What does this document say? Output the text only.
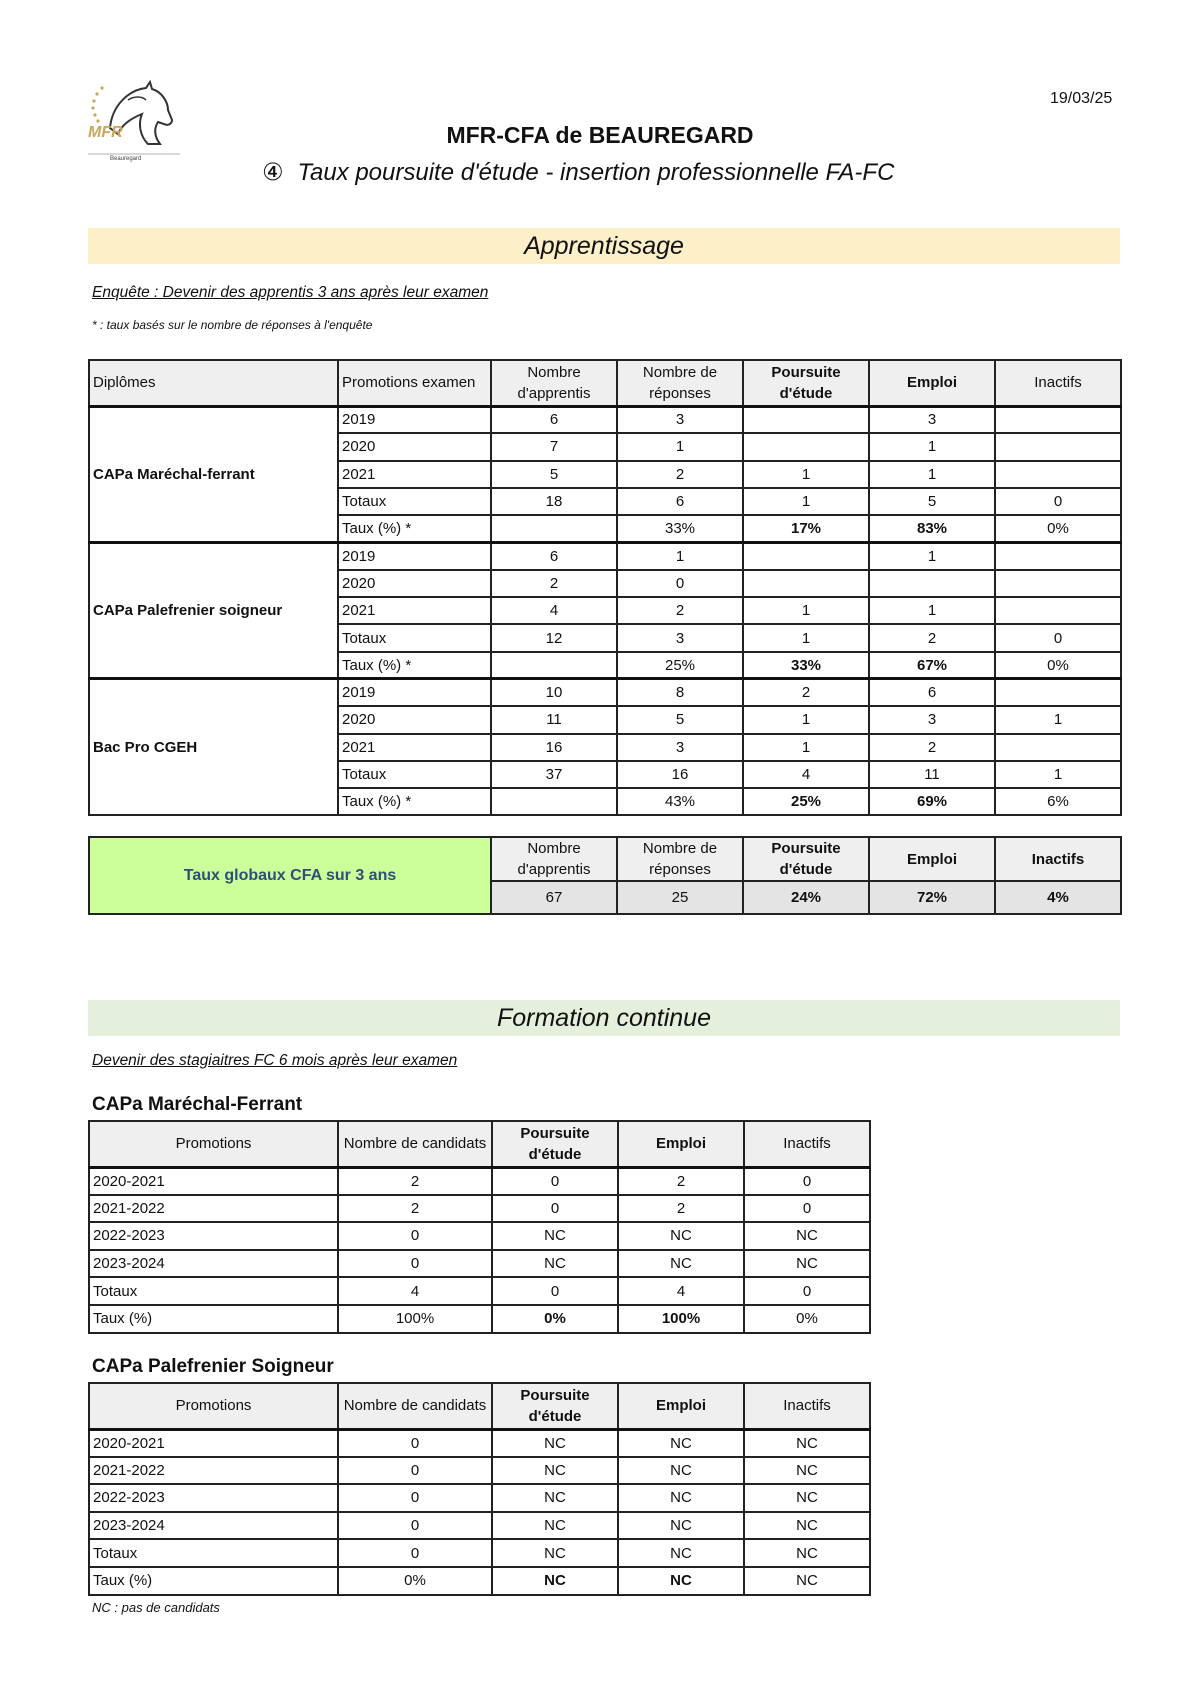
MFR
Beauregard
19/03/25
MFR-CFA de BEAUREGARD
④ Taux poursuite d'étude - insertion professionnelle FA-FC
Apprentissage
Enquête : Devenir des apprentis 3 ans après leur examen
* : taux basés sur le nombre de réponses à l'enquête
Diplômes	Promotions examen	Nombre d'apprentis	Nombre de réponses	Poursuite d'étude	Emploi	Inactifs
CAPa Maréchal-ferrant	2019	6	3		3	
	2020	7	1		1	
	2021	5	2	1	1	
	Totaux	18	6	1	5	0
	Taux (%) *		33%	17%	83%	0%
CAPa Palefrenier soigneur	2019	6	1		1	
	2020	2	0			
	2021	4	2	1	1	
	Totaux	12	3	1	2	0
	Taux (%) *		25%	33%	67%	0%
Bac Pro CGEH	2019	10	8	2	6	
	2020	11	5	1	3	1
	2021	16	3	1	2	
	Totaux	37	16	4	11	1
	Taux (%) *		43%	25%	69%	6%
Taux globaux CFA sur 3 ans	Nombre d'apprentis	Nombre de réponses	Poursuite d'étude	Emploi	Inactifs
	67	25	24%	72%	4%
Formation continue
Devenir des stagiaitres FC 6 mois après leur examen
CAPa Maréchal-Ferrant
Promotions	Nombre de candidats	Poursuite d'étude	Emploi	Inactifs
2020-2021	2	0	2	0
2021-2022	2	0	2	0
2022-2023	0	NC	NC	NC
2023-2024	0	NC	NC	NC
Totaux	4	0	4	0
Taux (%)	100%	0%	100%	0%
CAPa Palefrenier Soigneur
Promotions	Nombre de candidats	Poursuite d'étude	Emploi	Inactifs
2020-2021	0	NC	NC	NC
2021-2022	0	NC	NC	NC
2022-2023	0	NC	NC	NC
2023-2024	0	NC	NC	NC
Totaux	0	NC	NC	NC
Taux (%)	0%	NC	NC	NC
NC : pas de candidats
